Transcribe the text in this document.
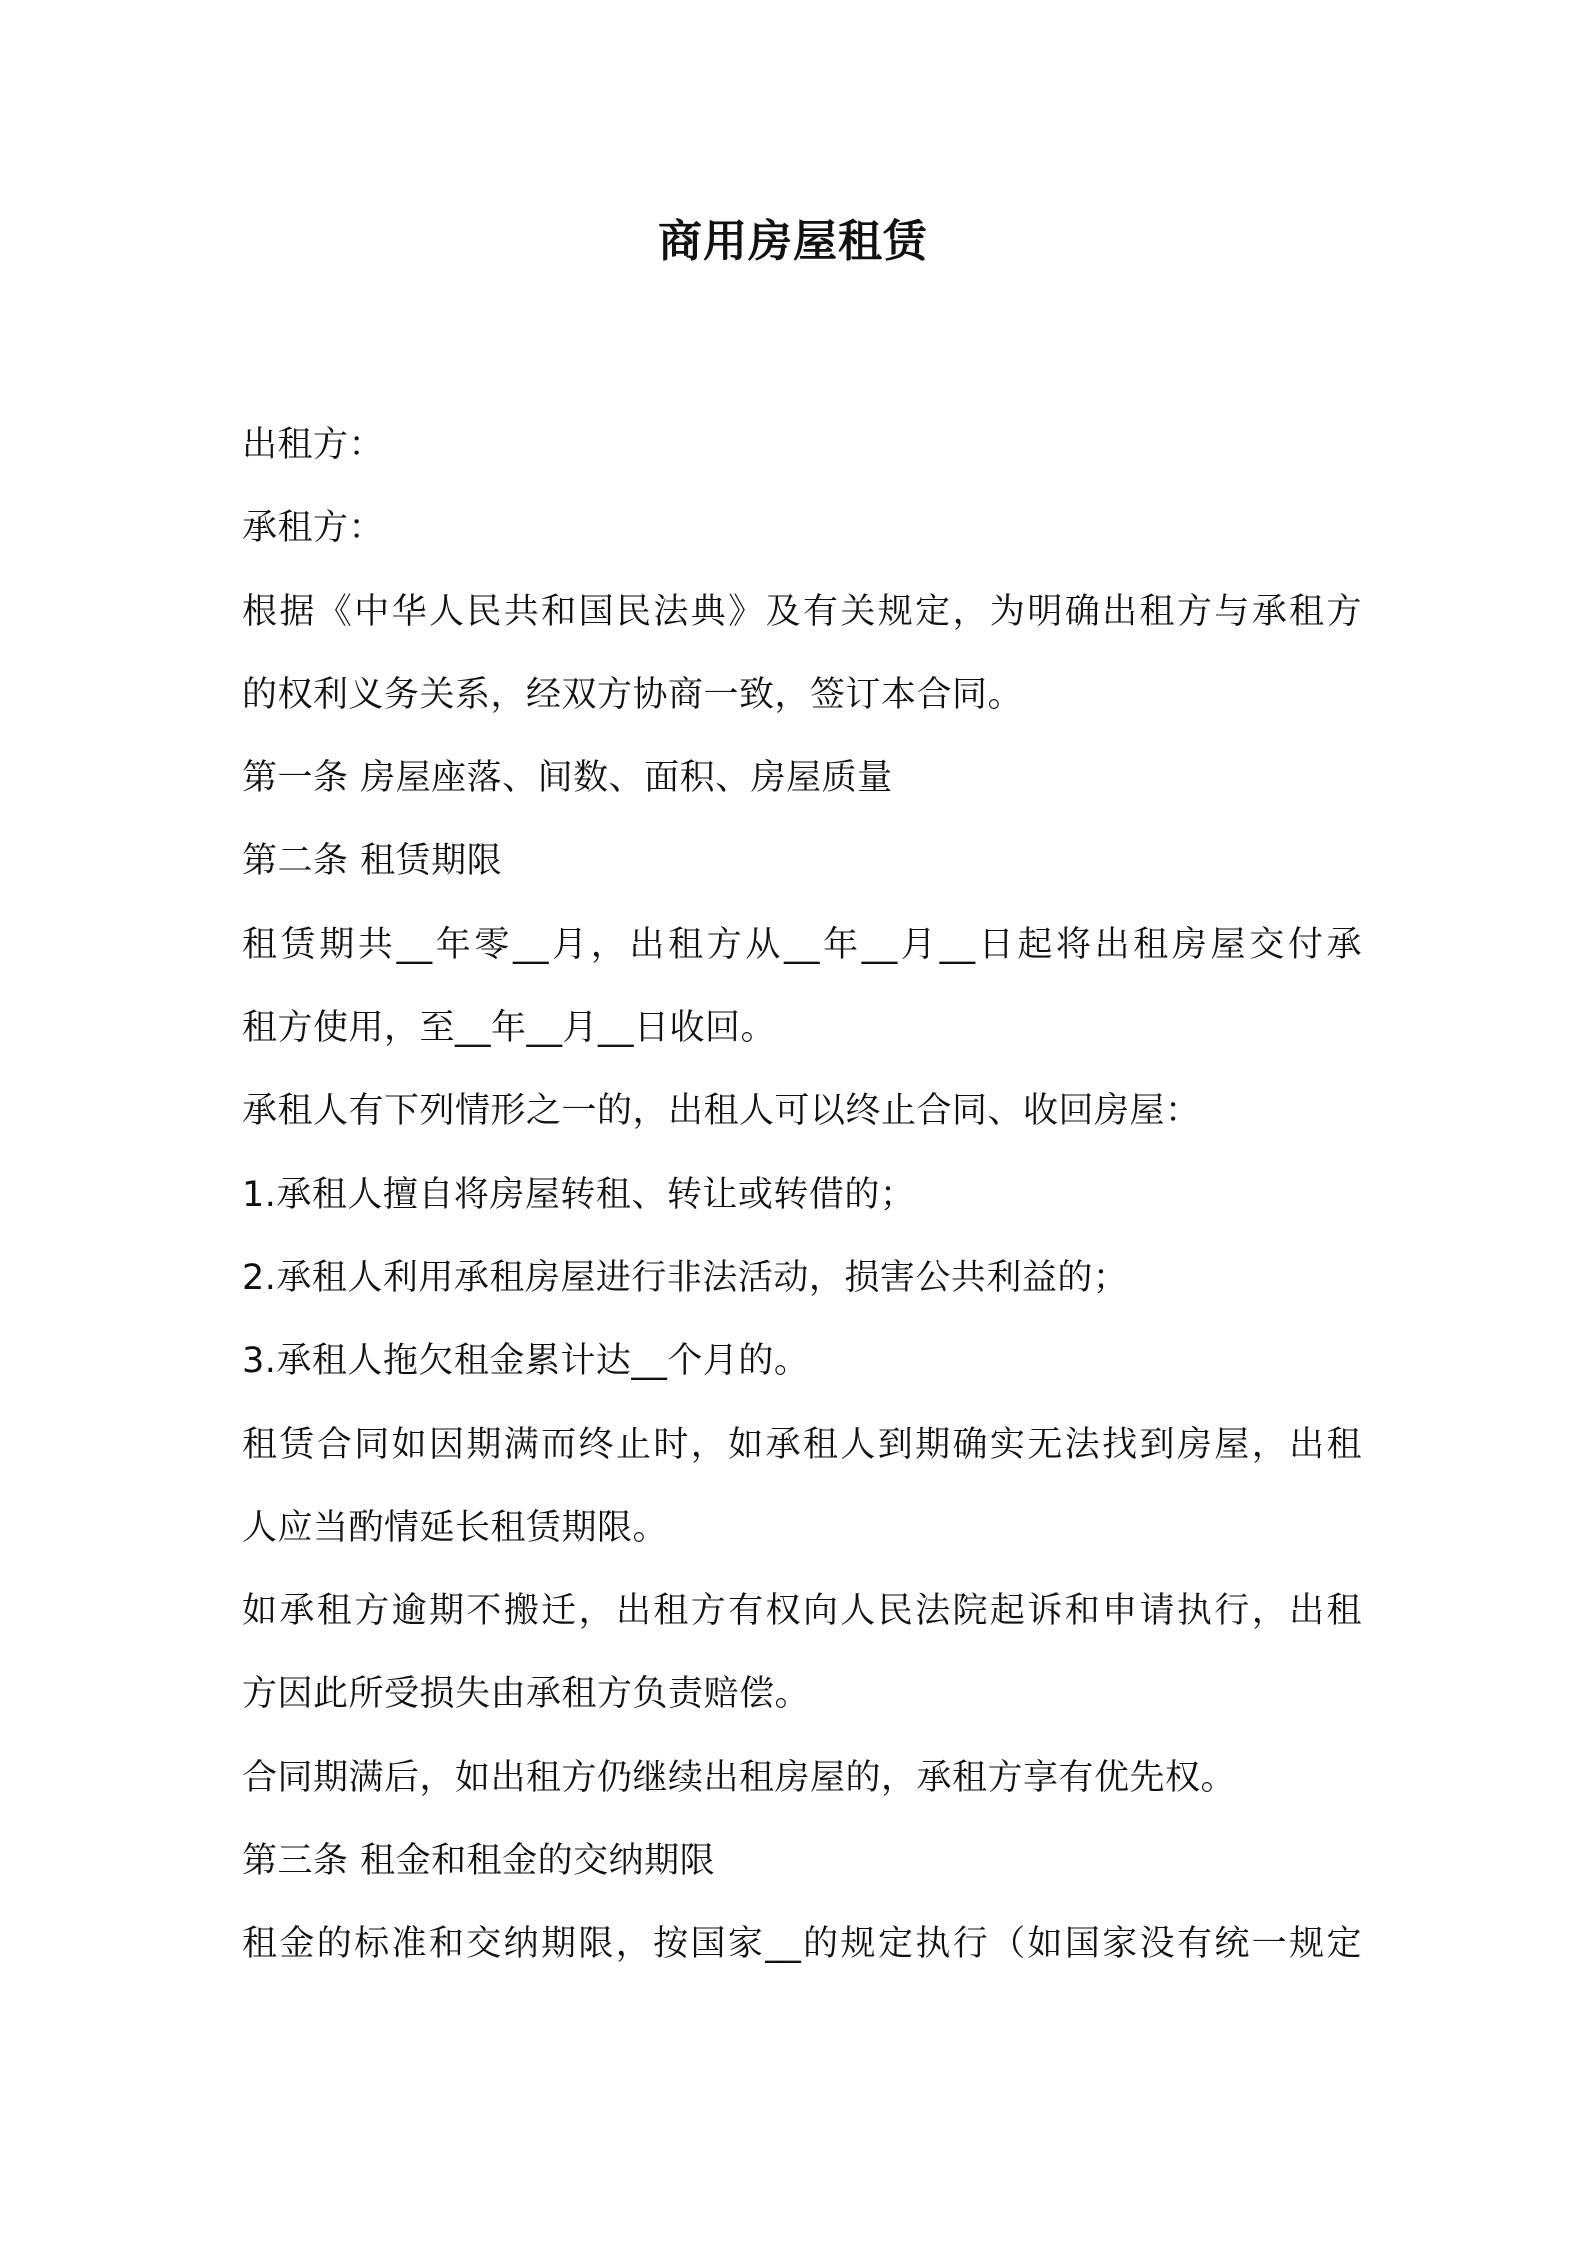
商用房屋租赁
出租方：
承租方：
根据《中华人民共和国民法典》及有关规定，为明确出租方与承租方
的权利义务关系，经双方协商一致，签订本合同。
第一条 房屋座落、间数、面积、房屋质量
第二条 租赁期限
租赁期共__年零__月，出租方从__年__月__日起将出租房屋交付承
租方使用，至__年__月__日收回。
承租人有下列情形之一的，出租人可以终止合同、收回房屋：
1.承租人擅自将房屋转租、转让或转借的；
2.承租人利用承租房屋进行非法活动，损害公共利益的；
3.承租人拖欠租金累计达__个月的。
租赁合同如因期满而终止时，如承租人到期确实无法找到房屋，出租
人应当酌情延长租赁期限。
如承租方逾期不搬迁，出租方有权向人民法院起诉和申请执行，出租
方因此所受损失由承租方负责赔偿。
合同期满后，如出租方仍继续出租房屋的，承租方享有优先权。
第三条 租金和租金的交纳期限
租金的标准和交纳期限，按国家__的规定执行（如国家没有统一规定
